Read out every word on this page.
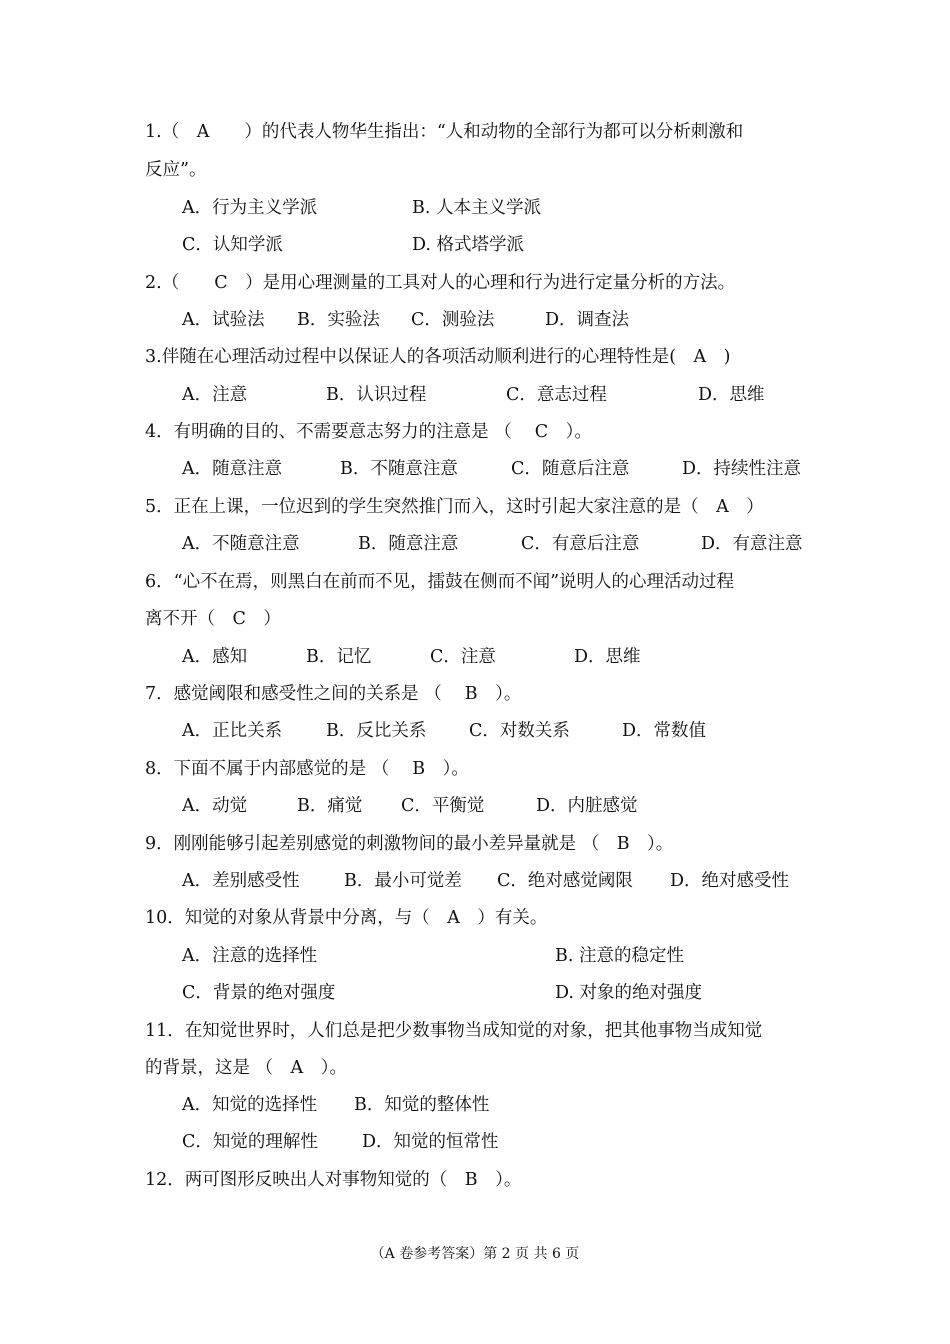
1.（　A　　）的代表人物华生指出：“人和动物的全部行为都可以分析刺激和
反应”。
A．行为主义学派	B. 人本主义学派
C．认知学派	D. 格式塔学派
2.（　　C　）是用心理测量的工具对人的心理和行为进行定量分析的方法。
A．试验法 B．实验法 C．测验法	D．调查法
3.伴随在心理活动过程中以保证人的各项活动顺利进行的心理特性是(　A　)
A．注意	B．认识过程	C．意志过程	D．思维
4．有明确的目的、不需要意志努力的注意是 （　 C　）。
A．随意注意	B．不随意注意	C．随意后注意	D．持续性注意
5．正在上课，一位迟到的学生突然推门而入，这时引起大家注意的是（　A　）
A．不随意注意	B．随意注意	C．有意后注意	D．有意注意
6．“心不在焉，则黑白在前而不见，擂鼓在侧而不闻”说明人的心理活动过程
离不开（　C　）
A．感知	B．记忆	C．注意	D．思维
7．感觉阈限和感受性之间的关系是 （　 B　）。
A．正比关系	B．反比关系 C．对数关系	D．常数值
8．下面不属于内部感觉的是 （　 B　）。
A．动觉	B．痛觉 C．平衡觉	D．内脏感觉
9．刚刚能够引起差别感觉的刺激物间的最小差异量就是 （　B　）。
A．差别感受性	B．最小可觉差 C．绝对感觉阈限 D．绝对感受性
10．知觉的对象从背景中分离，与（　A　）有关。
A．注意的选择性	B. 注意的稳定性
C．背景的绝对强度	D. 对象的绝对强度
11．在知觉世界时，人们总是把少数事物当成知觉的对象，把其他事物当成知觉
的背景，这是 （　A　）。
A．知觉的选择性 B．知觉的整体性
C．知觉的理解性	D．知觉的恒常性
12．两可图形反映出人对事物知觉的（　B　）。
（A 卷参考答案）第 2 页 共 6 页
